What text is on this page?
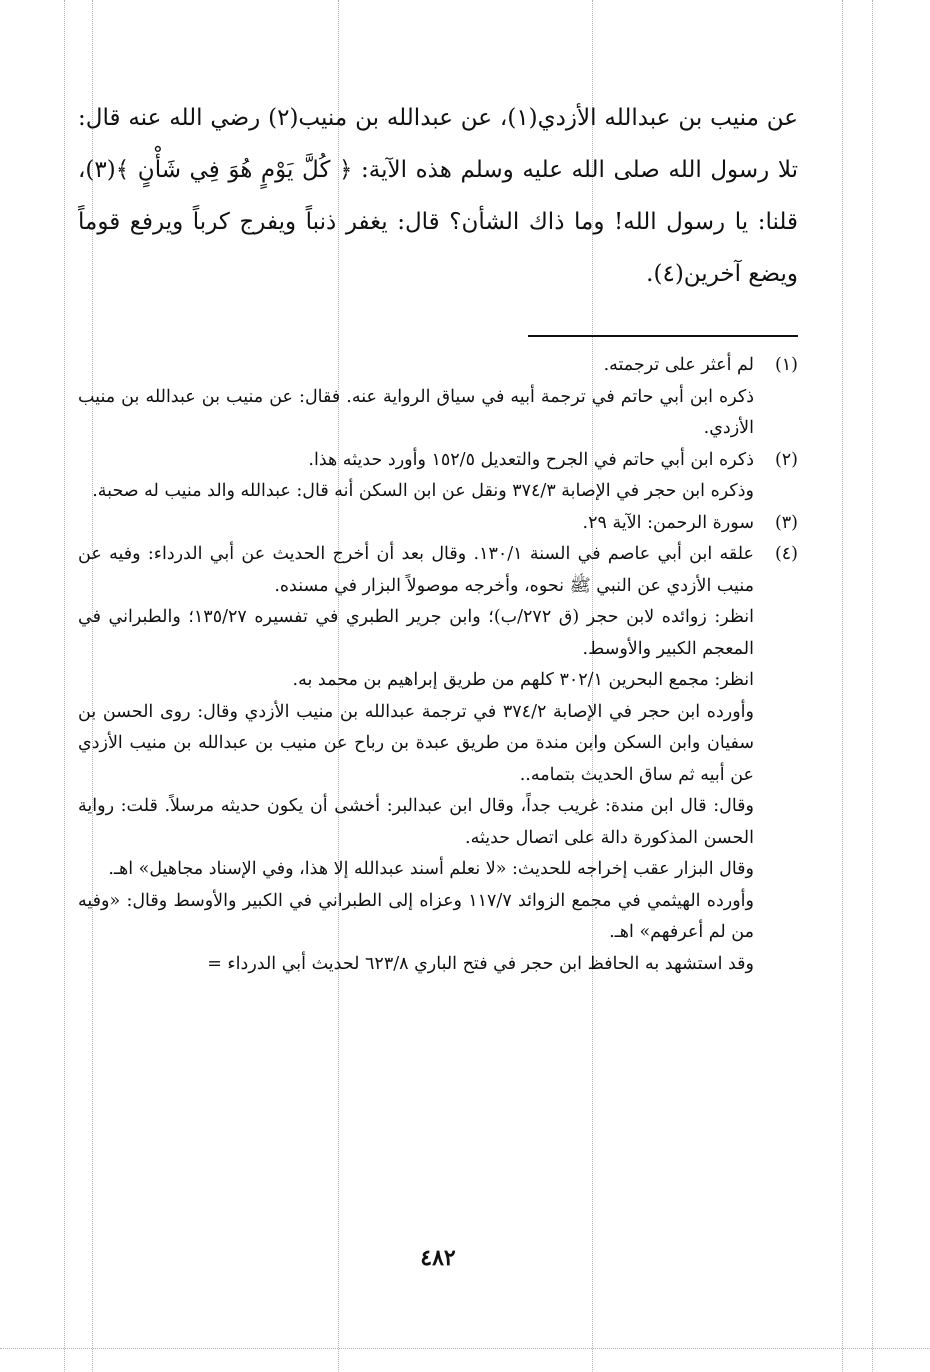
عن منيب بن عبدالله الأزدي(١)، عن عبدالله بن منيب(٢) رضي الله عنه قال: تلا رسول الله صلى الله عليه وسلم هذه الآية: ﴿ كُلَّ يَوْمٍ هُوَ فِي شَأْنٍ ﴾(٣)، قلنا: يا رسول الله! وما ذاك الشأن؟ قال: يغفر ذنباً ويفرج كرباً ويرفع قوماً ويضع آخرين(٤).

(١)

لم أعثر على ترجمته.

ذكره ابن أبي حاتم في ترجمة أبيه في سياق الرواية عنه. فقال: عن منيب بن عبدالله بن منيب الأزدي.

(٢)

ذكره ابن أبي حاتم في الجرح والتعديل ١٥٢/٥ وأورد حديثه هذا.

وذكره ابن حجر في الإصابة ٣٧٤/٣ ونقل عن ابن السكن أنه قال: عبدالله والد منيب له صحبة.

(٣)

سورة الرحمن: الآية ٢٩.

(٤)

علقه ابن أبي عاصم في السنة ١٣٠/١. وقال بعد أن أخرج الحديث عن أبي الدرداء: وفيه عن منيب الأزدي عن النبي ﷺ نحوه، وأخرجه موصولاً البزار في مسنده.

انظر: زوائده لابن حجر (ق ٢٧٢/ب)؛ وابن جرير الطبري في تفسيره ١٣٥/٢٧؛ والطبراني في المعجم الكبير والأوسط.

انظر: مجمع البحرين ٣٠٢/١ كلهم من طريق إبراهيم بن محمد به.

وأورده ابن حجر في الإصابة ٣٧٤/٢ في ترجمة عبدالله بن منيب الأزدي وقال: روى الحسن بن سفيان وابن السكن وابن مندة من طريق عبدة بن رباح عن منيب بن عبدالله بن منيب الأزدي عن أبيه ثم ساق الحديث بتمامه..

وقال: قال ابن مندة: غريب جداً، وقال ابن عبدالبر: أخشى أن يكون حديثه مرسلاً. قلت: رواية الحسن المذكورة دالة على اتصال حديثه.

وقال البزار عقب إخراجه للحديث: «لا نعلم أسند عبدالله إلا هذا، وفي الإسناد مجاهيل» اهـ.

وأورده الهيثمي في مجمع الزوائد ١١٧/٧ وعزاه إلى الطبراني في الكبير والأوسط وقال: «وفيه من لم أعرفهم» اهـ.

وقد استشهد به الحافظ ابن حجر في فتح الباري ٦٢٣/٨ لحديث أبي الدرداء =

٤٨٢
